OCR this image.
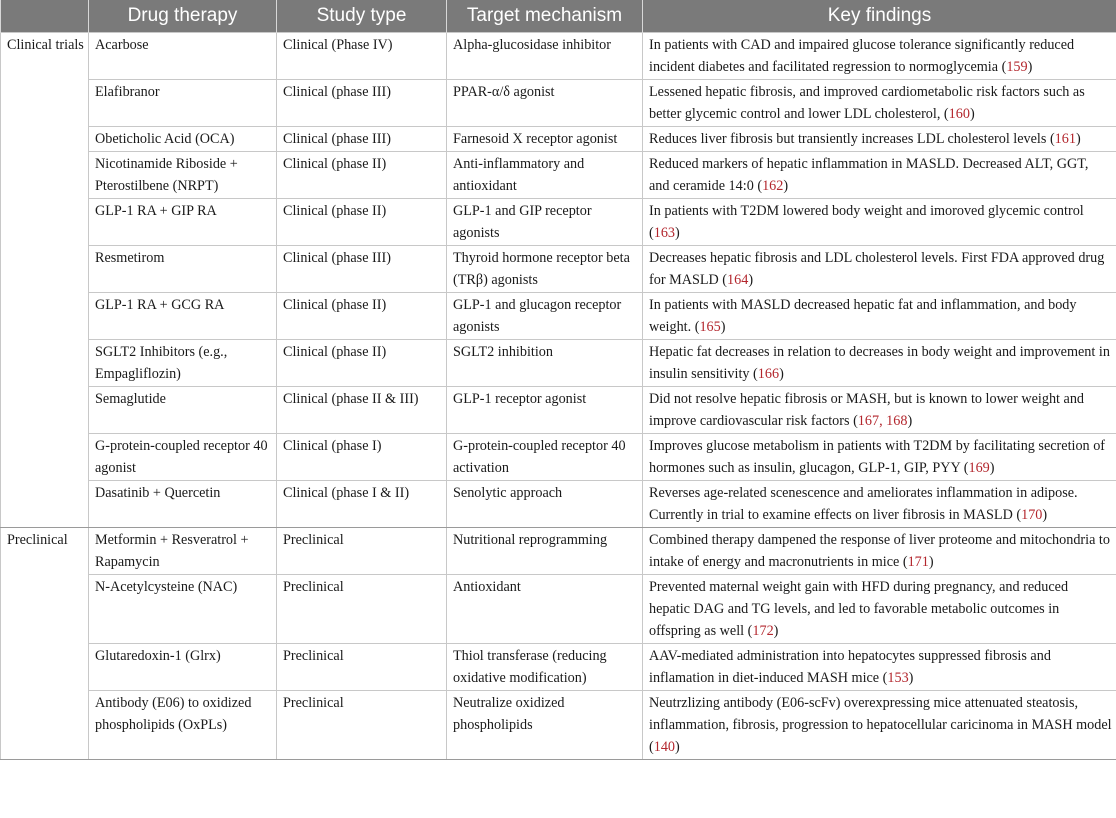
	Drug therapy	Study type	Target mechanism	Key findings
Clinical trials	Acarbose	Clinical (Phase IV)	Alpha-glucosidase inhibitor	In patients with CAD and impaired glucose tolerance significantly reduced incident diabetes and facilitated regression to normoglycemia (159)
	Elafibranor	Clinical (phase III)	PPAR-α/δ agonist	Lessened hepatic fibrosis, and improved cardiometabolic risk factors such as better glycemic control and lower LDL cholesterol, (160)
	Obeticholic Acid (OCA)	Clinical (phase III)	Farnesoid X receptor agonist	Reduces liver fibrosis but transiently increases LDL cholesterol levels (161)
	Nicotinamide Riboside + Pterostilbene (NRPT)	Clinical (phase II)	Anti-inflammatory and antioxidant	Reduced markers of hepatic inflammation in MASLD. Decreased ALT, GGT, and ceramide 14:0 (162)
	GLP-1 RA + GIP RA	Clinical (phase II)	GLP-1 and GIP receptor agonists	In patients with T2DM lowered body weight and imoroved glycemic control (163)
	Resmetirom	Clinical (phase III)	Thyroid hormone receptor beta (TRβ) agonists	Decreases hepatic fibrosis and LDL cholesterol levels. First FDA approved drug for MASLD (164)
	GLP-1 RA + GCG RA	Clinical (phase II)	GLP-1 and glucagon receptor agonists	In patients with MASLD decreased hepatic fat and inflammation, and body weight. (165)
	SGLT2 Inhibitors (e.g., Empagliflozin)	Clinical (phase II)	SGLT2 inhibition	Hepatic fat decreases in relation to decreases in body weight and improvement in insulin sensitivity (166)
	Semaglutide	Clinical (phase II & III)	GLP-1 receptor agonist	Did not resolve hepatic fibrosis or MASH, but is known to lower weight and improve cardiovascular risk factors (167, 168)
	G-protein-coupled receptor 40 agonist	Clinical (phase I)	G-protein-coupled receptor 40 activation	Improves glucose metabolism in patients with T2DM by facilitating secretion of hormones such as insulin, glucagon, GLP-1, GIP, PYY (169)
	Dasatinib + Quercetin	Clinical (phase I & II)	Senolytic approach	Reverses age-related scenescence and ameliorates inflammation in adipose. Currently in trial to examine effects on liver fibrosis in MASLD (170)
Preclinical	Metformin + Resveratrol + Rapamycin	Preclinical	Nutritional reprogramming	Combined therapy dampened the response of liver proteome and mitochondria to intake of energy and macronutrients in mice (171)
	N-Acetylcysteine (NAC)	Preclinical	Antioxidant	Prevented maternal weight gain with HFD during pregnancy, and reduced hepatic DAG and TG levels, and led to favorable metabolic outcomes in offspring as well (172)
	Glutaredoxin-1 (Glrx)	Preclinical	Thiol transferase (reducing oxidative modification)	AAV-mediated administration into hepatocytes suppressed fibrosis and inflamation in diet-induced MASH mice (153)
	Antibody (E06) to oxidized phospholipids (OxPLs)	Preclinical	Neutralize oxidized phospholipids	Neutrzlizing antibody (E06-scFv) overexpressing mice attenuated steatosis, inflammation, fibrosis, progression to hepatocellular caricinoma in MASH model (140)
